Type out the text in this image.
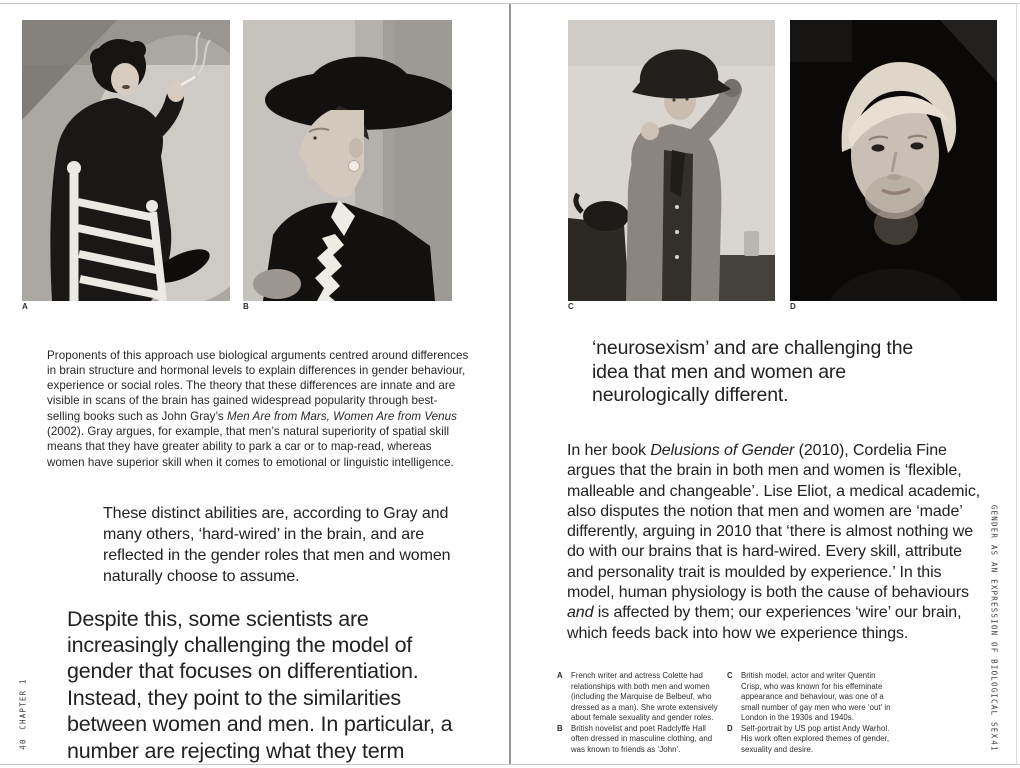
A	B

Proponents of this approach use biological arguments centred around differences in brain structure and hormonal levels to explain differences in gender behaviour, experience or social roles. The theory that these differences are innate and are visible in scans of the brain has gained widespread popularity through best-selling books such as John Gray’s Men Are from Mars, Women Are from Venus (2002). Gray argues, for example, that men’s natural superiority of spatial skill means that they have greater ability to park a car or to map-read, whereas women have superior skill when it comes to emotional or linguistic intelligence.

These distinct abilities are, according to Gray and many others, ‘hard-wired’ in the brain, and are reflected in the gender roles that men and women naturally choose to assume.

Despite this, some scientists are increasingly challenging the model of gender that focuses on differentiation. Instead, they point to the similarities between women and men. In particular, a number are rejecting what they term

CHAPTER 1
40
C	D
‘neurosexism’ and are challenging the idea that men and women are neurologically different.

In her book Delusions of Gender (2010), Cordelia Fine argues that the brain in both men and women is ‘flexible, malleable and changeable’. Lise Eliot, a medical academic, also disputes the notion that men and women are ‘made’ differently, arguing in 2010 that ‘there is almost nothing we do with our brains that is hard-wired. Every skill, attribute and personality trait is moulded by experience.’ In this model, human physiology is both the cause of behaviours and is affected by them; our experiences ‘wire’ our brain, which feeds back into how we experience things.

A	French writer and actress Colette had relationships with both men and women (including the Marquise de Belbeuf, who dressed as a man). She wrote extensively about female sexuality and gender roles.
B	British novelist and poet Radclyffe Hall often dressed in masculine clothing, and was known to friends as ‘John’.
C	British model, actor and writer Quentin Crisp, who was known for his effeminate appearance and behaviour, was one of a small number of gay men who were ‘out’ in London in the 1930s and 1940s.
D	Self-portrait by US pop artist Andy Warhol. His work often explored themes of gender, sexuality and desire.
GENDER AS AN EXPRESSION OF BIOLOGICAL SEX
41
